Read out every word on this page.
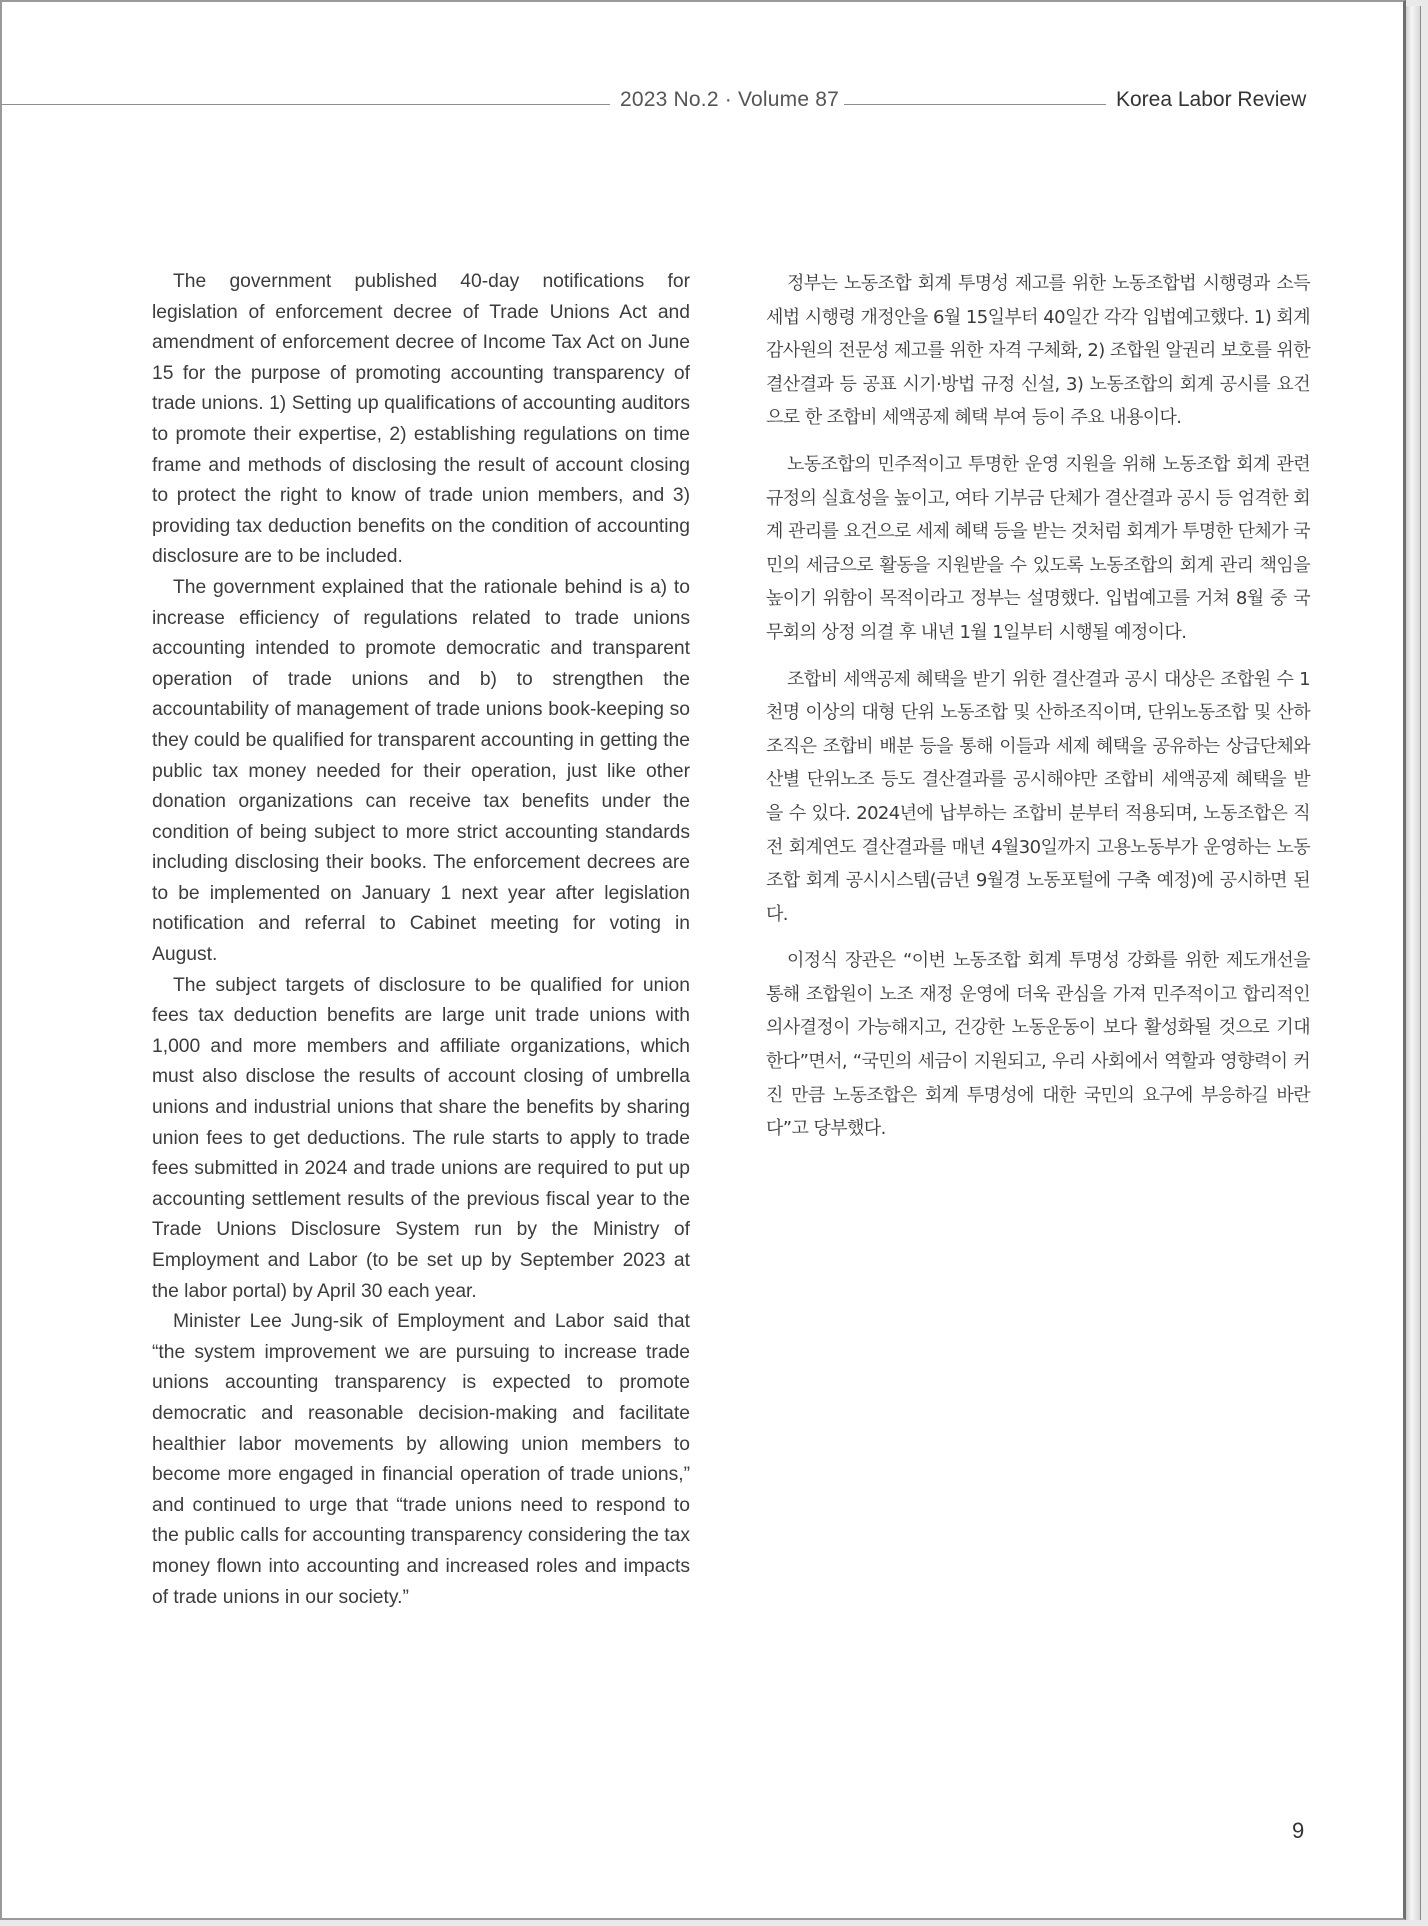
2023 No.2 · Volume 87	Korea Labor Review

The government published 40-day notifications for legislation of enforcement decree of Trade Unions Act and amendment of enforcement decree of Income Tax Act on June 15 for the purpose of promoting accounting transparency of trade unions. 1) Setting up qualifications of accounting auditors to promote their expertise, 2) establishing regulations on time frame and methods of disclosing the result of account closing to protect the right to know of trade union members, and 3) providing tax deduction benefits on the condition of accounting disclosure are to be included.

The government explained that the rationale behind is a) to increase efficiency of regulations related to trade unions accounting intended to promote democratic and transparent operation of trade unions and b) to strengthen the accountability of management of trade unions book-keeping so they could be qualified for transparent accounting in getting the public tax money needed for their operation, just like other donation organizations can receive tax benefits under the condition of being subject to more strict accounting standards including disclosing their books. The enforcement decrees are to be implemented on January 1 next year after legislation notification and referral to Cabinet meeting for voting in August.

The subject targets of disclosure to be qualified for union fees tax deduction benefits are large unit trade unions with 1,000 and more members and affiliate organizations, which must also disclose the results of account closing of umbrella unions and industrial unions that share the benefits by sharing union fees to get deductions. The rule starts to apply to trade fees submitted in 2024 and trade unions are required to put up accounting settlement results of the previous fiscal year to the Trade Unions Disclosure System run by the Ministry of Employment and Labor (to be set up by September 2023 at the labor portal) by April 30 each year.

Minister Lee Jung-sik of Employment and Labor said that “the system improvement we are pursuing to increase trade unions accounting transparency is expected to promote democratic and reasonable decision-making and facilitate healthier labor movements by allowing union members to become more engaged in financial operation of trade unions,” and continued to urge that “trade unions need to respond to the public calls for accounting transparency considering the tax money flown into accounting and increased roles and impacts of trade unions in our society.”

정부는 노동조합 회계 투명성 제고를 위한 노동조합법 시행령과 소득세법 시행령 개정안을 6월 15일부터 40일간 각각 입법예고했다. 1) 회계감사원의 전문성 제고를 위한 자격 구체화, 2) 조합원 알권리 보호를 위한 결산결과 등 공표 시기·방법 규정 신설, 3) 노동조합의 회계 공시를 요건으로 한 조합비 세액공제 혜택 부여 등이 주요 내용이다.

노동조합의 민주적이고 투명한 운영 지원을 위해 노동조합 회계 관련 규정의 실효성을 높이고, 여타 기부금 단체가 결산결과 공시 등 엄격한 회계 관리를 요건으로 세제 혜택 등을 받는 것처럼 회계가 투명한 단체가 국민의 세금으로 활동을 지원받을 수 있도록 노동조합의 회계 관리 책임을 높이기 위함이 목적이라고 정부는 설명했다. 입법예고를 거쳐 8월 중 국무회의 상정 의결 후 내년 1월 1일부터 시행될 예정이다.

조합비 세액공제 혜택을 받기 위한 결산결과 공시 대상은 조합원 수 1천명 이상의 대형 단위 노동조합 및 산하조직이며, 단위노동조합 및 산하조직은 조합비 배분 등을 통해 이들과 세제 혜택을 공유하는 상급단체와 산별 단위노조 등도 결산결과를 공시해야만 조합비 세액공제 혜택을 받을 수 있다. 2024년에 납부하는 조합비 분부터 적용되며, 노동조합은 직전 회계연도 결산결과를 매년 4월30일까지 고용노동부가 운영하는 노동조합 회계 공시시스템(금년 9월경 노동포털에 구축 예정)에 공시하면 된다.

이정식 장관은 “이번 노동조합 회계 투명성 강화를 위한 제도개선을 통해 조합원이 노조 재정 운영에 더욱 관심을 가져 민주적이고 합리적인 의사결정이 가능해지고, 건강한 노동운동이 보다 활성화될 것으로 기대한다”면서, “국민의 세금이 지원되고, 우리 사회에서 역할과 영향력이 커진 만큼 노동조합은 회계 투명성에 대한 국민의 요구에 부응하길 바란다”고 당부했다.

9
